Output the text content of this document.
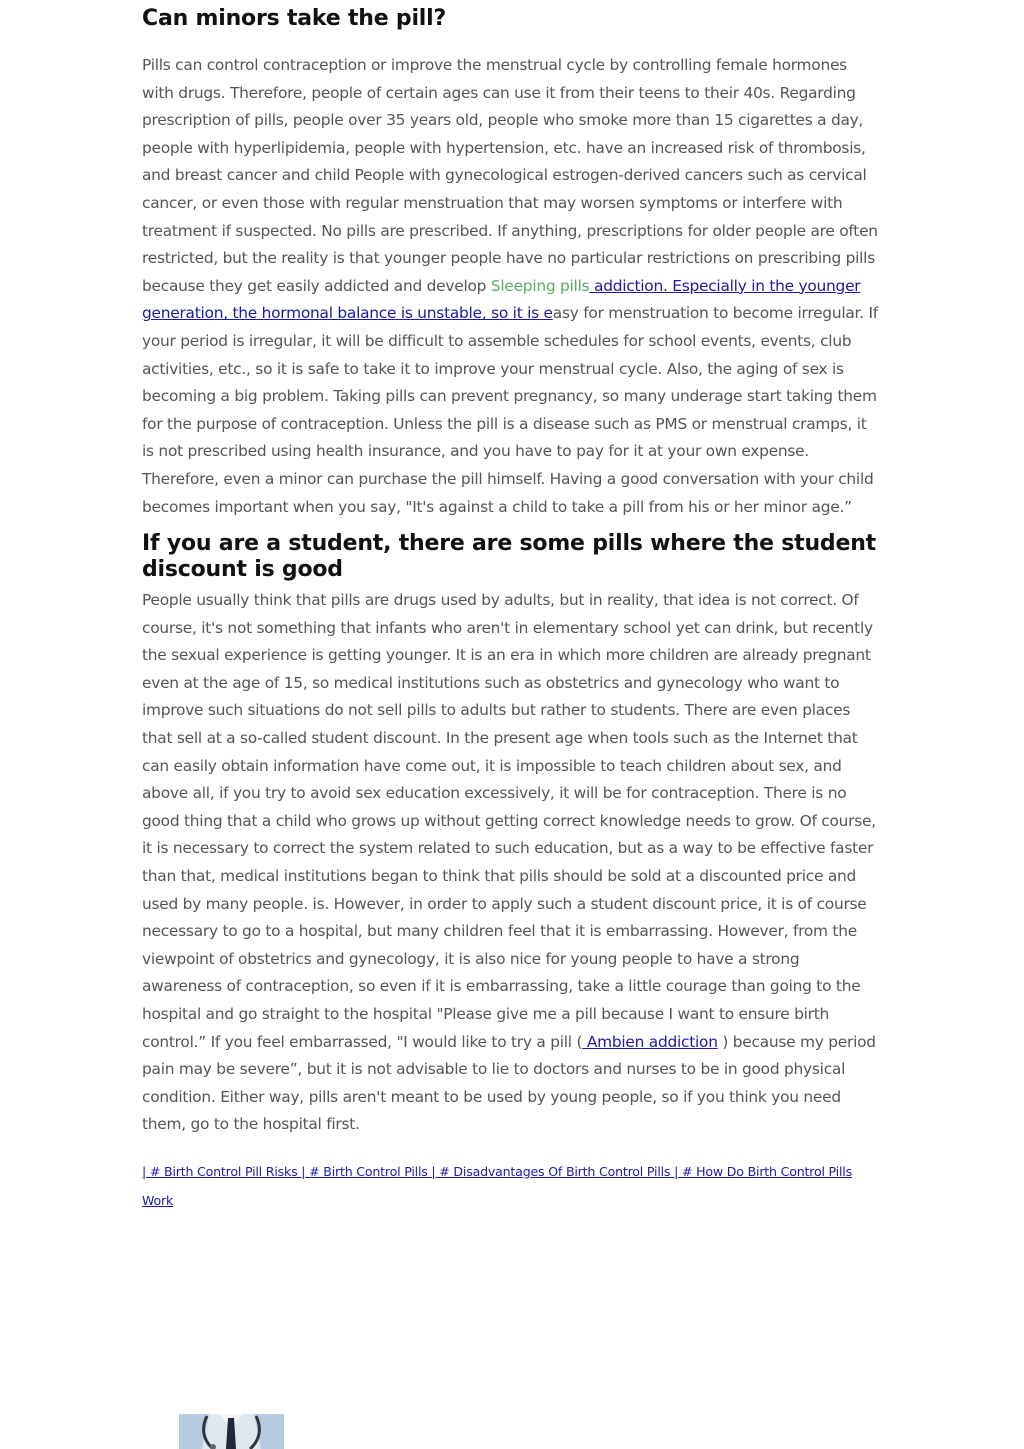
Can minors take the pill?

Pills can control contraception or improve the menstrual cycle by controlling female hormones with drugs. Therefore, people of certain ages can use it from their teens to their 40s. Regarding prescription of pills, people over 35 years old, people who smoke more than 15 cigarettes a day, people with hyperlipidemia, people with hypertension, etc. have an increased risk of thrombosis, and breast cancer and child People with gynecological estrogen-derived cancers such as cervical cancer, or even those with regular menstruation that may worsen symptoms or interfere with treatment if suspected. No pills are prescribed. If anything, prescriptions for older people are often restricted, but the reality is that younger people have no particular restrictions on prescribing pills because they get easily addicted and develop Sleeping pills addiction. Especially in the younger generation, the hormonal balance is unstable, so it is easy for menstruation to become irregular. If your period is irregular, it will be difficult to assemble schedules for school events, events, club activities, etc., so it is safe to take it to improve your menstrual cycle. Also, the aging of sex is becoming a big problem. Taking pills can prevent pregnancy, so many underage start taking them for the purpose of contraception. Unless the pill is a disease such as PMS or menstrual cramps, it is not prescribed using health insurance, and you have to pay for it at your own expense. Therefore, even a minor can purchase the pill himself. Having a good conversation with your child becomes important when you say, "It's against a child to take a pill from his or her minor age.”

If you are a student, there are some pills where the student discount is good

People usually think that pills are drugs used by adults, but in reality, that idea is not correct. Of course, it's not something that infants who aren't in elementary school yet can drink, but recently the sexual experience is getting younger. It is an era in which more children are already pregnant even at the age of 15, so medical institutions such as obstetrics and gynecology who want to improve such situations do not sell pills to adults but rather to students. There are even places that sell at a so-called student discount. In the present age when tools such as the Internet that can easily obtain information have come out, it is impossible to teach children about sex, and above all, if you try to avoid sex education excessively, it will be for contraception. There is no good thing that a child who grows up without getting correct knowledge needs to grow. Of course, it is necessary to correct the system related to such education, but as a way to be effective faster than that, medical institutions began to think that pills should be sold at a discounted price and used by many people. is. However, in order to apply such a student discount price, it is of course necessary to go to a hospital, but many children feel that it is embarrassing. However, from the viewpoint of obstetrics and gynecology, it is also nice for young people to have a strong awareness of contraception, so even if it is embarrassing, take a little courage than going to the hospital and go straight to the hospital "Please give me a pill because I want to ensure birth control.” If you feel embarrassed, "I would like to try a pill ( Ambien addiction ) because my period pain may be severe”, but it is not advisable to lie to doctors and nurses to be in good physical condition. Either way, pills aren't meant to be used by young people, so if you think you need them, go to the hospital first.

| # Birth Control Pill Risks | # Birth Control Pills | # Disadvantages Of Birth Control Pills | # How Do Birth Control Pills Work
